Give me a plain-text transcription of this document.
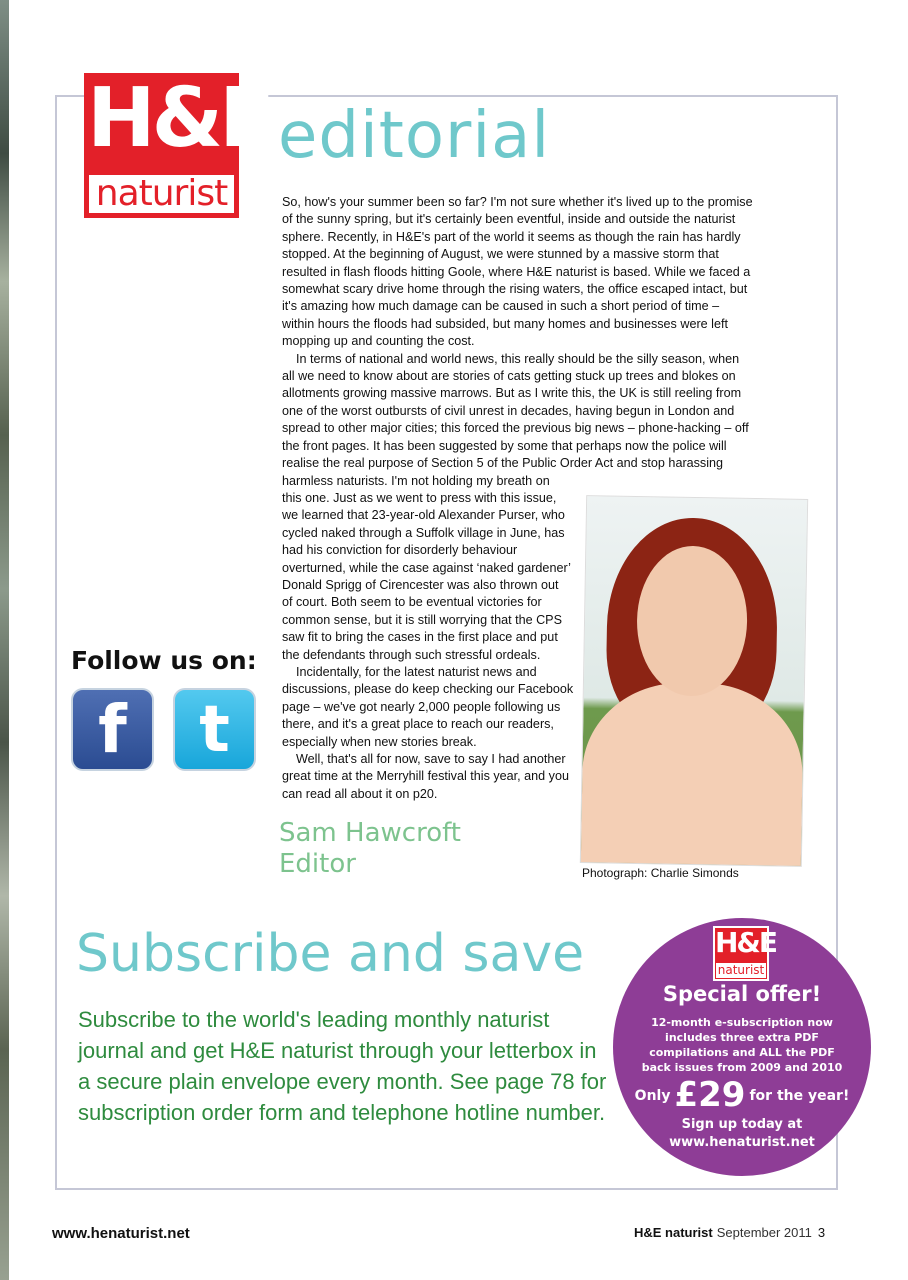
H&E
naturist
editorial

So, how's your summer been so far? I'm not sure whether it's lived up to the promise of the sunny spring, but it's certainly been eventful, inside and outside the naturist sphere. Recently, in H&E's part of the world it seems as though the rain has hardly stopped. At the beginning of August, we were stunned by a massive storm that resulted in flash floods hitting Goole, where H&E naturist is based. While we faced a somewhat scary drive home through the rising waters, the office escaped intact, but it's amazing how much damage can be caused in such a short period of time – within hours the floods had subsided, but many homes and businesses were left mopping up and counting the cost.

In terms of national and world news, this really should be the silly season, when all we need to know about are stories of cats getting stuck up trees and blokes on allotments growing massive marrows. But as I write this, the UK is still reeling from one of the worst outbursts of civil unrest in decades, having begun in London and spread to other major cities; this forced the previous big news – phone-hacking – off the front pages. It has been suggested by some that perhaps now the police will realise the real purpose of Section 5 of the Public Order Act and stop harassing harmless naturists. I'm not holding my breath on

this one. Just as we went to press with this issue,
we learned that 23-year-old Alexander Purser, who
cycled naked through a Suffolk village in June, has
had his conviction for disorderly behaviour
overturned, while the case against ‘naked gardener’
Donald Sprigg of Cirencester was also thrown out
of court. Both seem to be eventual victories for
common sense, but it is still worrying that the CPS
saw fit to bring the cases in the first place and put
the defendants through such stressful ordeals.

Incidentally, for the latest naturist news and discussions, please do keep checking our Facebook page – we've got nearly 2,000 people following us there, and it's a great place to reach our readers, especially when new stories break.

Well, that's all for now, save to say I had another great time at the Merryhill festival this year, and you can read all about it on p20.

Photograph: Charlie Simonds
Sam Hawcroft
Editor
Follow us on:
f t
Subscribe and save
Subscribe to the world's leading monthly naturist journal and get H&E naturist through your letterbox in a secure plain envelope every month. See page 78 for subscription order form and telephone hotline number.
H&E
naturist
Special offer!
12-month e-subscription now includes three extra PDF compilations and ALL the PDF back issues from 2009 and 2010
Only £29 for the year!
Sign up today at www.henaturist.net
www.henaturist.net	H&E naturist September 2011 3
